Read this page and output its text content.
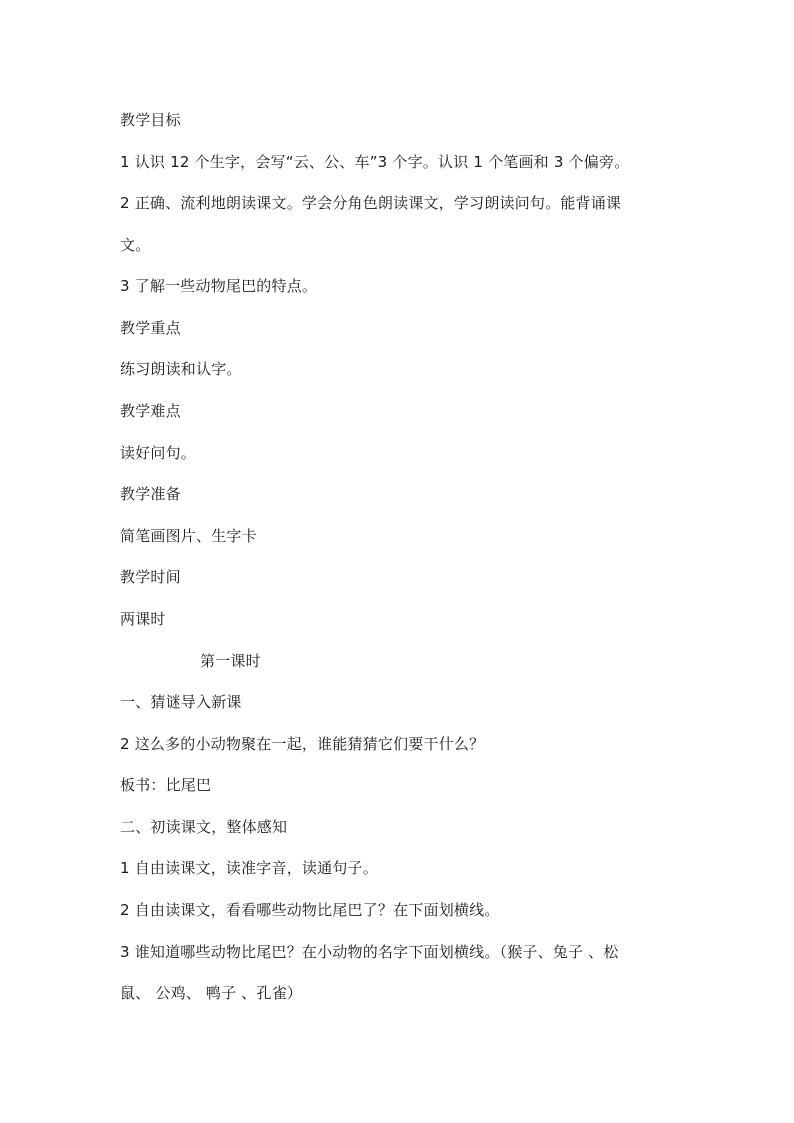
教学目标
1 认识 12 个生字，会写“云、公、车”3 个字。认识 1 个笔画和 3 个偏旁。
2 正确、流利地朗读课文。学会分角色朗读课文，学习朗读问句。能背诵课
文。
3 了解一些动物尾巴的特点。
教学重点
练习朗读和认字。
教学难点
读好问句。
教学准备
简笔画图片、生字卡
教学时间
两课时
第一课时
一、猜谜导入新课
2 这么多的小动物聚在一起，谁能猜猜它们要干什么？
板书：比尾巴
二、初读课文，整体感知
1 自由读课文，读准字音，读通句子。
2 自由读课文，看看哪些动物比尾巴了？在下面划横线。
3 谁知道哪些动物比尾巴？在小动物的名字下面划横线。（猴子、兔子 、松
鼠、 公鸡、 鸭子 、孔雀）
